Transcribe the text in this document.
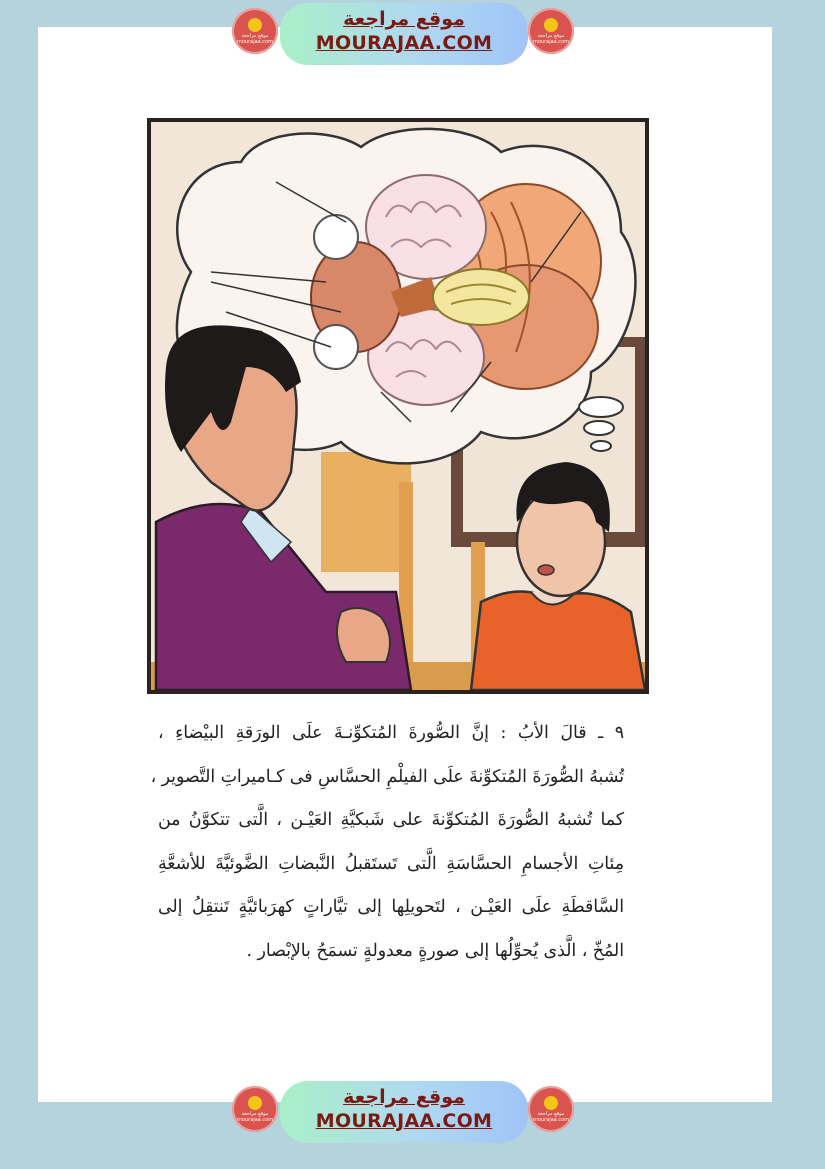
موقع مراجعة mourajaa.com
موقع مراجعة
MOURAJAA.COM	موقع مراجعة mourajaa.com
٩ ـ قالَ الأبُ : إنَّ الصُّورةَ المُتكوِّنـةَ علَى الورَقةِ البيْضاءِ ،
تُشبهُ الصُّورَةَ المُتكوِّنةَ علَى الفيلْمِ الحسَّاسِ فى كـاميراتِ التَّصوير ،
كما تُشبهُ الصُّورَةَ المُتكوِّنةَ على شَبكيَّةِ العَيْـن ، الَّتى تتكوَّنُ من
مِئاتِ الأجسامِ الحسَّاسَةِ الَّتى تَستَقبلُ النَّبضاتِ الضَّوئيَّةَ للأشعَّةِ
السَّاقطَةِ علَى العَيْـن ، لتَحويلِها إلى تيَّاراتٍ كهرَبائيَّةٍ تَنتقِلُ إلى
المُخّ ، الَّذى يُحوِّلُها إلى صورةٍ معدولةٍ تسمَحُ بالإبْصار .
موقع مراجعة mourajaa.com
موقع مراجعة
MOURAJAA.COM	موقع مراجعة mourajaa.com
